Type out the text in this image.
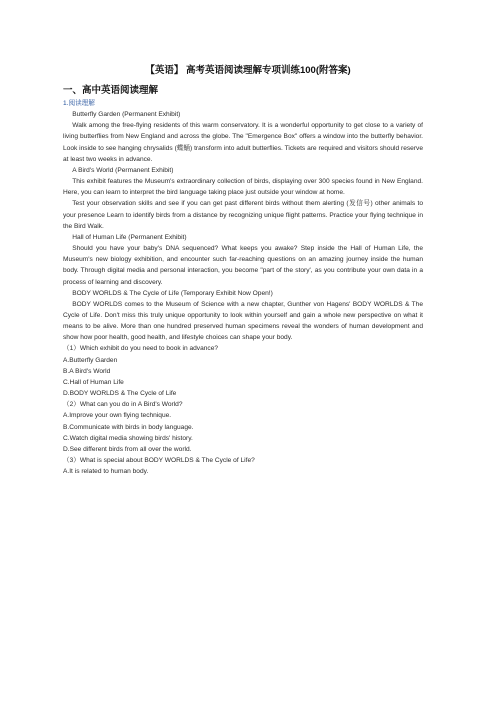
【英语】 高考英语阅读理解专项训练100(附答案)
一、高中英语阅读理解

1.阅读理解

Butterfly Garden (Permanent Exhibit)

Walk among the free-flying residents of this warm conservatory. It is a wonderful opportunity to get close to a variety of living butterflies from New England and across the globe. The "Emergence Box" offers a window into the butterfly behavior. Look inside to see hanging chrysalids (蝶蛹) transform into adult butterflies. Tickets are required and visitors should reserve at least two weeks in advance.

A Bird's World (Permanent Exhibit)

This exhibit features the Museum's extraordinary collection of birds, displaying over 300 species found in New England. Here, you can learn to interpret the bird language taking place just outside your window at home.

Test your observation skills and see if you can get past different birds without them alerting (发信号) other animals to your presence Learn to identify birds from a distance by recognizing unique flight patterns. Practice your flying technique in the Bird Walk.

Hall of Human Life (Permanent Exhibit)

Should you have your baby's DNA sequenced? What keeps you awake? Step inside the Hall of Human Life, the Museum's new biology exhibition, and encounter such far-reaching questions on an amazing journey inside the human body. Through digital media and personal interaction, you become "part of the story', as you contribute your own data in a process of learning and discovery.

BODY WORLDS & The Cycle of Life (Temporary Exhibit Now Open!)

BODY WORLDS comes to the Museum of Science with a new chapter, Gunther von Hagens' BODY WORLDS & The Cycle of Life. Don't miss this truly unique opportunity to look within yourself and gain a whole new perspective on what it means to be alive. More than one hundred preserved human specimens reveal the wonders of human development and show how poor health, good health, and lifestyle choices can shape your body.

（1）Which exhibit do you need to book in advance?

A.Butterfly Garden

B.A Bird's World

C.Hall of Human Life

D.BODY WORLDS & The Cycle of Life

（2）What can you do in A Bird's World?

A.Improve your own flying technique.

B.Communicate with birds in body language.

C.Watch digital media showing birds' history.

D.See different birds from all over the world.

（3）What is special about BODY WORLDS & The Cycle of Life?

A.It is related to human body.
